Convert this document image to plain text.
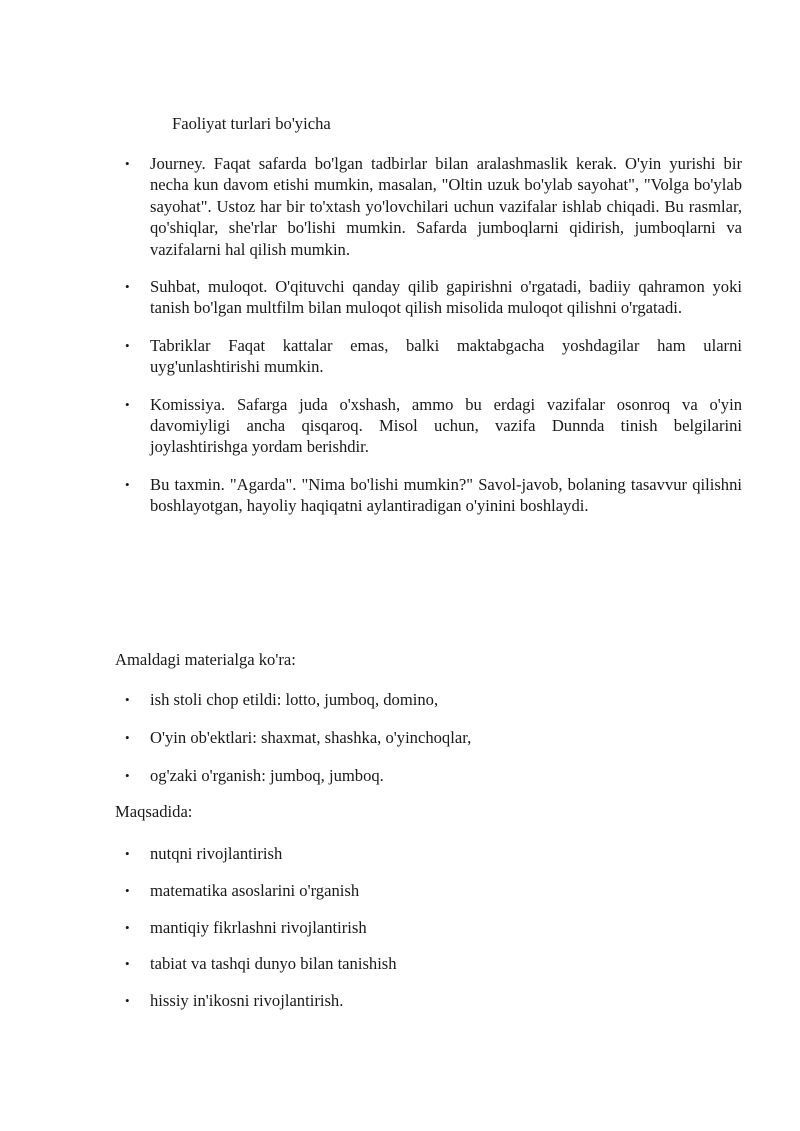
Faoliyat turlari bo'yicha

• Journey. Faqat safarda bo'lgan tadbirlar bilan aralashmaslik kerak. O'yin yurishi bir necha kun davom etishi mumkin, masalan, "Oltin uzuk bo'ylab sayohat", "Volga bo'ylab sayohat". Ustoz har bir to'xtash yo'lovchilari uchun vazifalar ishlab chiqadi. Bu rasmlar, qo'shiqlar, she'rlar bo'lishi mumkin. Safarda jumboqlarni qidirish, jumboqlarni va vazifalarni hal qilish mumkin.
• Suhbat, muloqot. O'qituvchi qanday qilib gapirishni o'rgatadi, badiiy qahramon yoki tanish bo'lgan multfilm bilan muloqot qilish misolida muloqot qilishni o'rgatadi.
• Tabriklar Faqat kattalar emas, balki maktabgacha yoshdagilar ham ularni uyg'unlashtirishi mumkin.
• Komissiya. Safarga juda o'xshash, ammo bu erdagi vazifalar osonroq va o'yin davomiyligi ancha qisqaroq. Misol uchun, vazifa Dunnda tinish belgilarini joylashtirishga yordam berishdir.
• Bu taxmin. "Agarda". "Nima bo'lishi mumkin?" Savol-javob, bolaning tasavvur qilishni boshlayotgan, hayoliy haqiqatni aylantiradigan o'yinini boshlaydi.

Amaldagi materialga ko'ra:

• ish stoli chop etildi: lotto, jumboq, domino,
• O'yin ob'ektlari: shaxmat, shashka, o'yinchoqlar,
• og'zaki o'rganish: jumboq, jumboq.

Maqsadida:

• nutqni rivojlantirish
• matematika asoslarini o'rganish
• mantiqiy fikrlashni rivojlantirish
• tabiat va tashqi dunyo bilan tanishish
• hissiy in'ikosni rivojlantirish.
